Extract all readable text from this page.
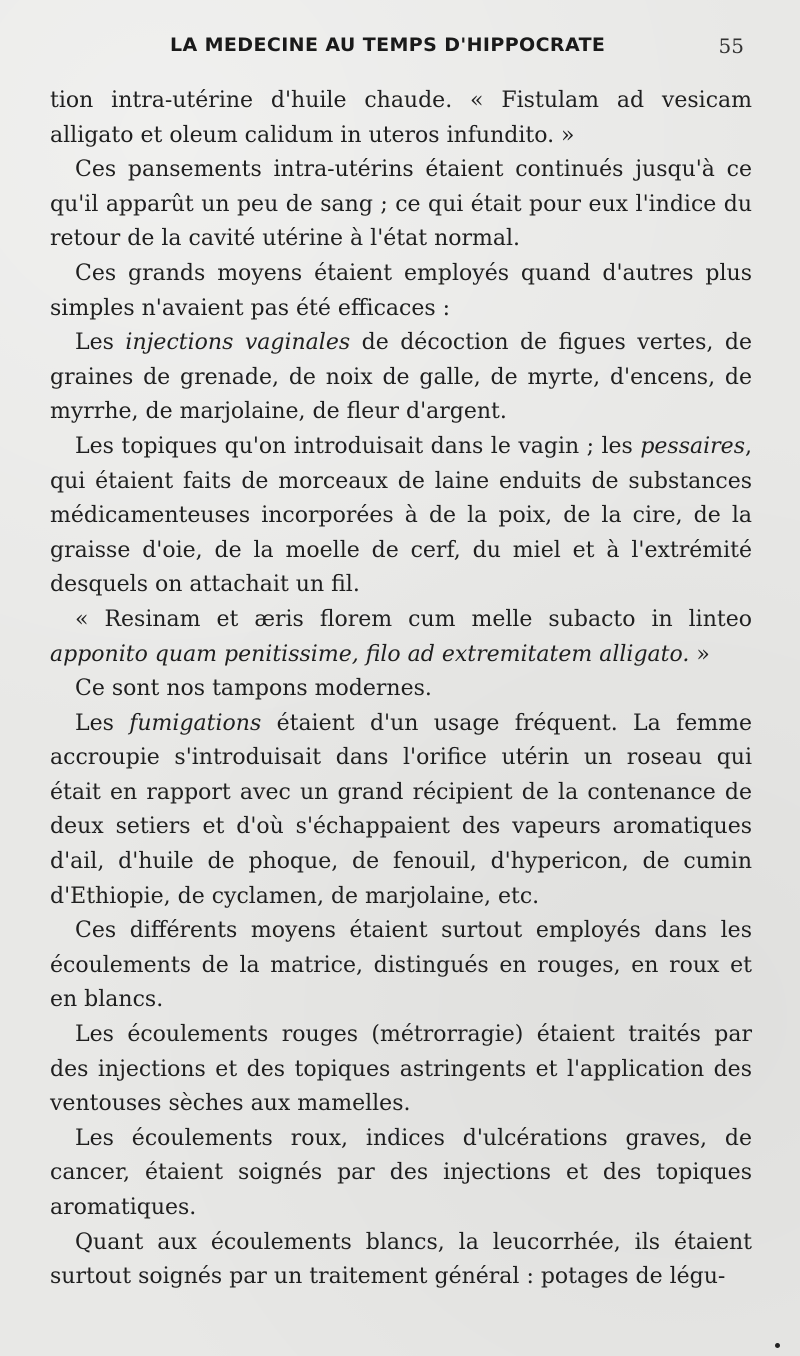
LA MEDECINE AU TEMPS D'HIPPOCRATE	55

tion intra-utérine d'huile chaude. « Fistulam ad vesicam alligato et oleum calidum in uteros infundito. »

Ces pansements intra-utérins étaient continués jusqu'à ce qu'il apparût un peu de sang ; ce qui était pour eux l'indice du retour de la cavité utérine à l'état normal.

Ces grands moyens étaient employés quand d'autres plus simples n'avaient pas été efficaces :

Les injections vaginales de décoction de figues vertes, de graines de grenade, de noix de galle, de myrte, d'encens, de myrrhe, de marjolaine, de fleur d'argent.

Les topiques qu'on introduisait dans le vagin ; les pessaires, qui étaient faits de morceaux de laine enduits de substances médicamenteuses incorporées à de la poix, de la cire, de la graisse d'oie, de la moelle de cerf, du miel et à l'extrémité desquels on attachait un fil.

« Resinam et æris florem cum melle subacto in linteo apponito quam penitissime, filo ad extremitatem alligato. »

Ce sont nos tampons modernes.

Les fumigations étaient d'un usage fréquent. La femme accroupie s'introduisait dans l'orifice utérin un roseau qui était en rapport avec un grand récipient de la contenance de deux setiers et d'où s'échappaient des vapeurs aromatiques d'ail, d'huile de phoque, de fenouil, d'hypericon, de cumin d'Ethiopie, de cyclamen, de marjolaine, etc.

Ces différents moyens étaient surtout employés dans les écoulements de la matrice, distingués en rouges, en roux et en blancs.

Les écoulements rouges (métrorragie) étaient traités par des injections et des topiques astringents et l'application des ventouses sèches aux mamelles.

Les écoulements roux, indices d'ulcérations graves, de cancer, étaient soignés par des injections et des topiques aromatiques.

Quant aux écoulements blancs, la leucorrhée, ils étaient surtout soignés par un traitement général : potages de légu-
